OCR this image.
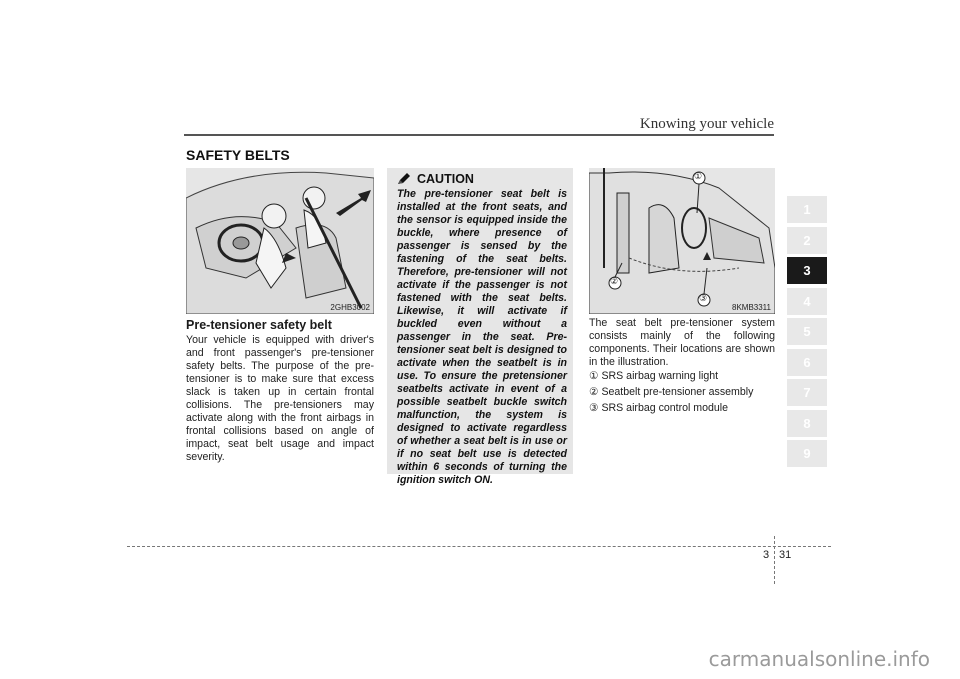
Knowing your vehicle
SAFETY BELTS
2GHB3002
Pre-tensioner safety belt
Your vehicle is equipped with driver's and front passenger's pre-tensioner safety belts. The purpose of the pre-tensioner is to make sure that excess slack is taken up in certain frontal collisions. The pre-tensioners may activate along with the front airbags in frontal collisions based on angle of impact, seat belt usage and impact severity.
CAUTION
The pre-tensioner seat belt is installed at the front seats, and the sensor is equipped inside the buckle, where presence of passenger is sensed by the fastening of the seat belts. Therefore, pre-tensioner will not activate if the passenger is not fastened with the seat belts. Likewise, it will activate if buckled even without a passenger in the seat. Pre-tensioner seat belt is designed to activate when the seatbelt is in use. To ensure the pretensioner seatbelts activate in event of a possible seatbelt buckle switch malfunction, the system is designed to activate regardless of whether a seat belt is in use or if no seat belt use is detected within 6 seconds of turning the ignition switch ON.
①
②
③
8KMB3311
The seat belt pre-tensioner system consists mainly of the following components. Their locations are shown in the illustration.
① SRS airbag warning light
② Seatbelt pre-tensioner assembly
③ SRS airbag control module
1
2
3
4
5
6
7
8
9
3 31
carmanualsonline.info
